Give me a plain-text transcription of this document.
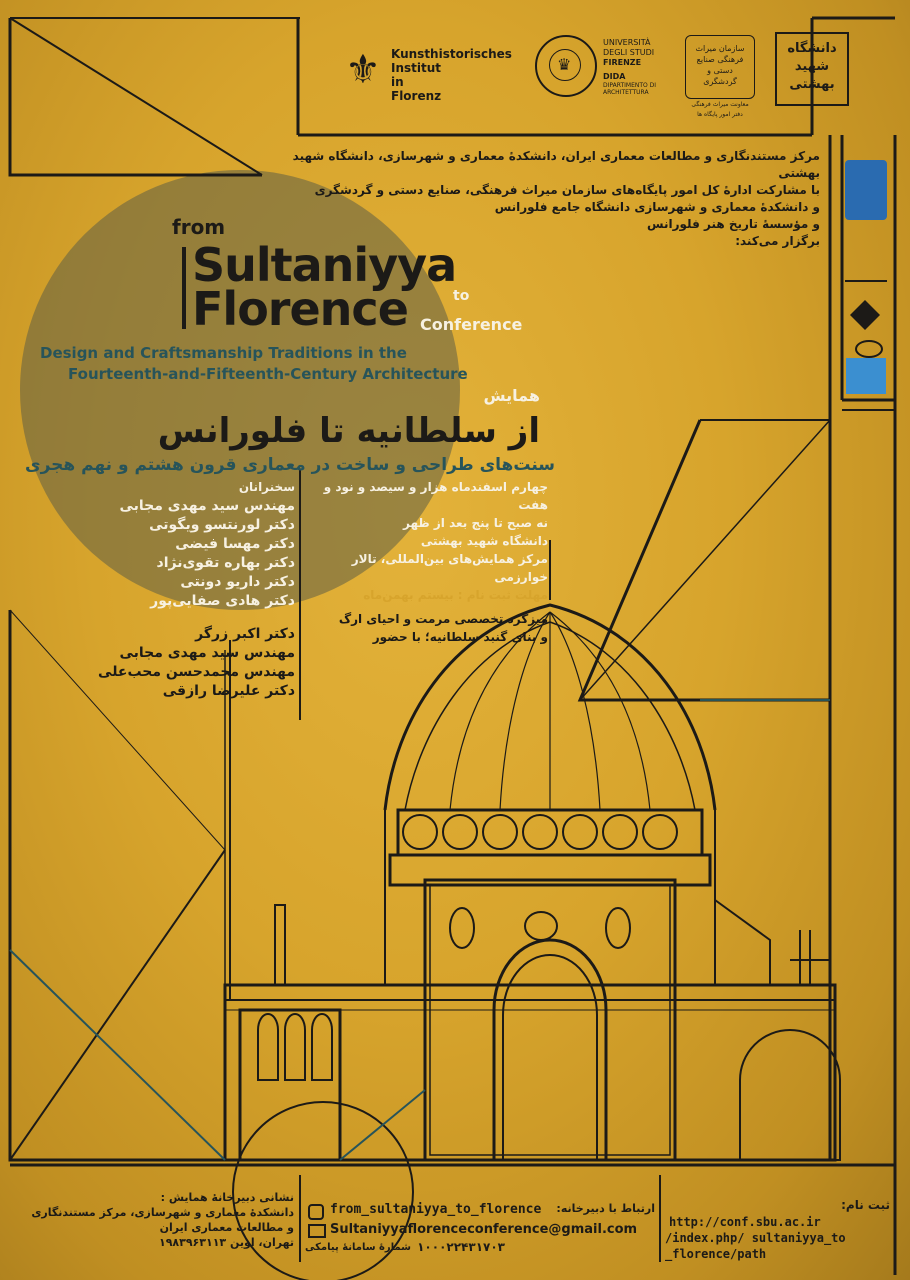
⚜ Kunsthistorisches
Institut
in
Florenz
♛
UNIVERSITÀ
DEGLI STUDI
FIRENZE
DIDA
DIPARTIMENTO DI
ARCHITETTURA
سازمان میراث فرهنگی صنایع دستی و گردشگری
معاونت میراث فرهنگی
دفتر امور پایگاه ها
دانشگاه شهید بهشتی
مرکز مستندنگاری و مطالعات معماری ایران، دانشکدهٔ معماری و شهرسازی، دانشگاه شهید بهشتی
با مشارکت ادارهٔ کل امور پایگاه‌های سازمان میراث فرهنگی، صنایع دستی و گردشگری
و دانشکدهٔ معماری و شهرسازی دانشگاه جامع فلورانس
و مؤسسهٔ تاریخ هنر فلورانس
برگزار می‌کند:
from
Sultaniyya
to
Florence Conference
Design and Craftsmanship Traditions in the
Fourteenth-and-Fifteenth-Century Architecture
همایش
از سلطانیه تا فلورانس
سنت‌های طراحی و ساخت در معماری قرون هشتم و نهم هجری
سخنرانان
مهندس سید مهدی مجابی
دکتر لورنتسو ویگوتی
دکتر مهسا فیضی
دکتر بهاره تقوی‌نژاد
دکتر داریو دونتی
دکتر هادی صفایی‌پور
چهارم اسفندماه هزار و سیصد و نود و هفت
نه صبح تا پنج بعد از ظهر
دانشگاه شهید بهشتی
مرکز همایش‌های بین‌المللی، تالار خوارزمی
مهلت ثبت نام : بیستم بهمن‌ماه
میزگرد تخصصی مرمت و احیای ارگ
و بنای گنبد سلطانیه؛ با حضور
دکتر اکبر زرگر
مهندس سید مهدی مجابی
مهندس محمدحسن محب‌علی
دکتر علیرضا رازقی
نشانی دبیرخانهٔ همایش :
دانشکدهٔ معماری و شهرسازی، مرکز مستندنگاری
و مطالعات معماری ایران
تهران، اوین ۱۹۸۳۹۶۳۱۱۳
ارتباط با دبیرخانه:
from_sultaniyya_to_florence
Sultaniyyaflorenceconference@gmail.com
۱۰۰۰۲۲۴۳۱۷۰۳
شمارهٔ سامانهٔ پیامکی
ثبت نام:
http://conf.sbu.ac.ir
/index.php/ sultaniyya_to
_florence/path
